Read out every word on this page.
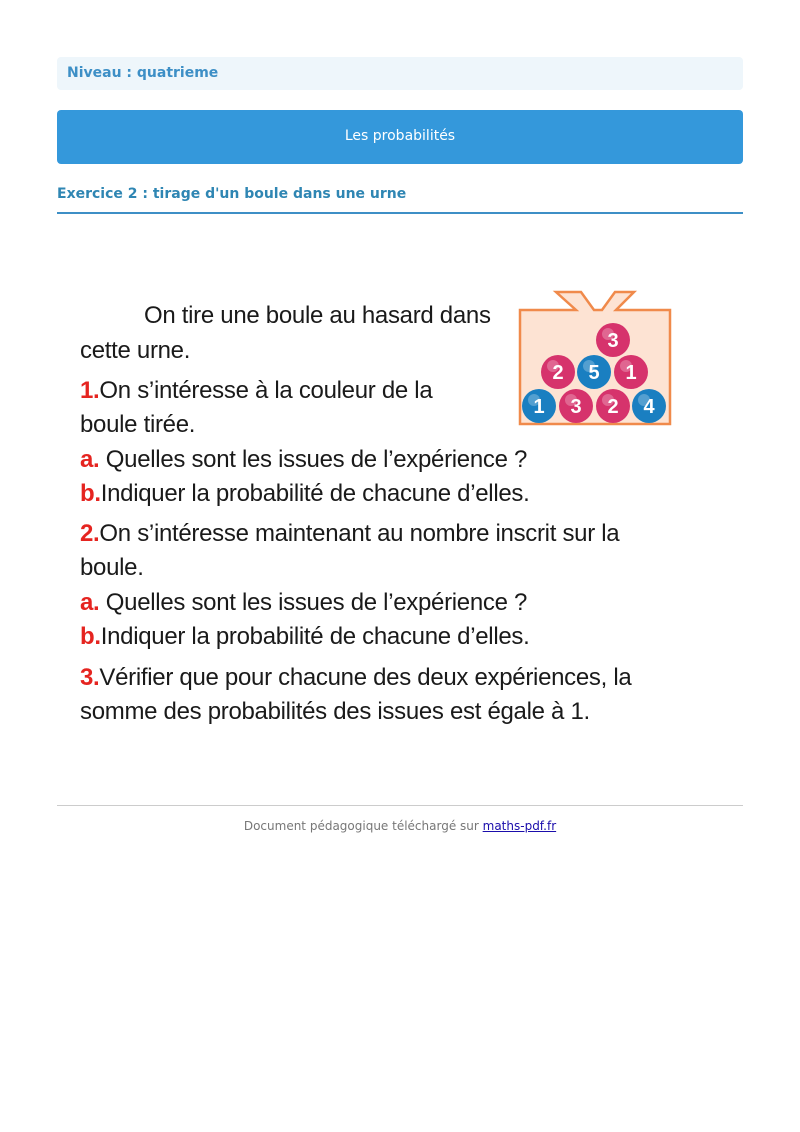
Niveau : quatrieme
Les probabilités
Exercice 2 : tirage d'un boule dans une urne
On tire une boule au hasard dans
cette urne.
1.On s’intéresse à la couleur de la
boule tirée.
a. Quelles sont les issues de l’expérience ?
b.Indiquer la probabilité de chacune d’elles.
2.On s’intéresse maintenant au nombre inscrit sur la
boule.
a. Quelles sont les issues de l’expérience ?
b.Indiquer la probabilité de chacune d’elles.
3.Vérifier que pour chacune des deux expériences, la
somme des probabilités des issues est égale à 1.
3
2 5 1
1 3 2 4
Document pédagogique téléchargé sur maths-pdf.fr
